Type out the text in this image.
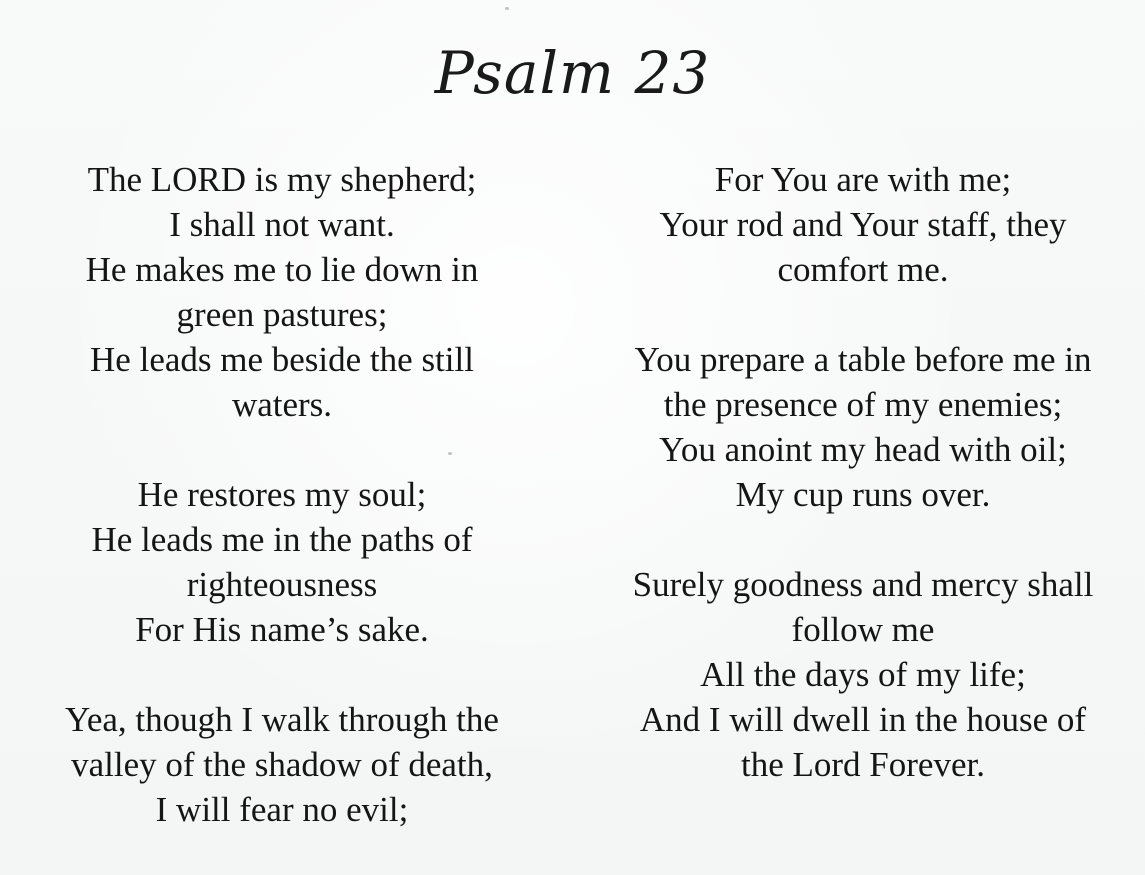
Psalm 23
The LORD is my shepherd;
I shall not want.
He makes me to lie down in
green pastures;
He leads me beside the still
waters.
He restores my soul;
He leads me in the paths of
righteousness
For His name’s sake.
Yea, though I walk through the
valley of the shadow of death,
I will fear no evil;
For You are with me;
Your rod and Your staff, they
comfort me.
You prepare a table before me in
the presence of my enemies;
You anoint my head with oil;
My cup runs over.
Surely goodness and mercy shall
follow me
All the days of my life;
And I will dwell in the house of
the Lord Forever.
